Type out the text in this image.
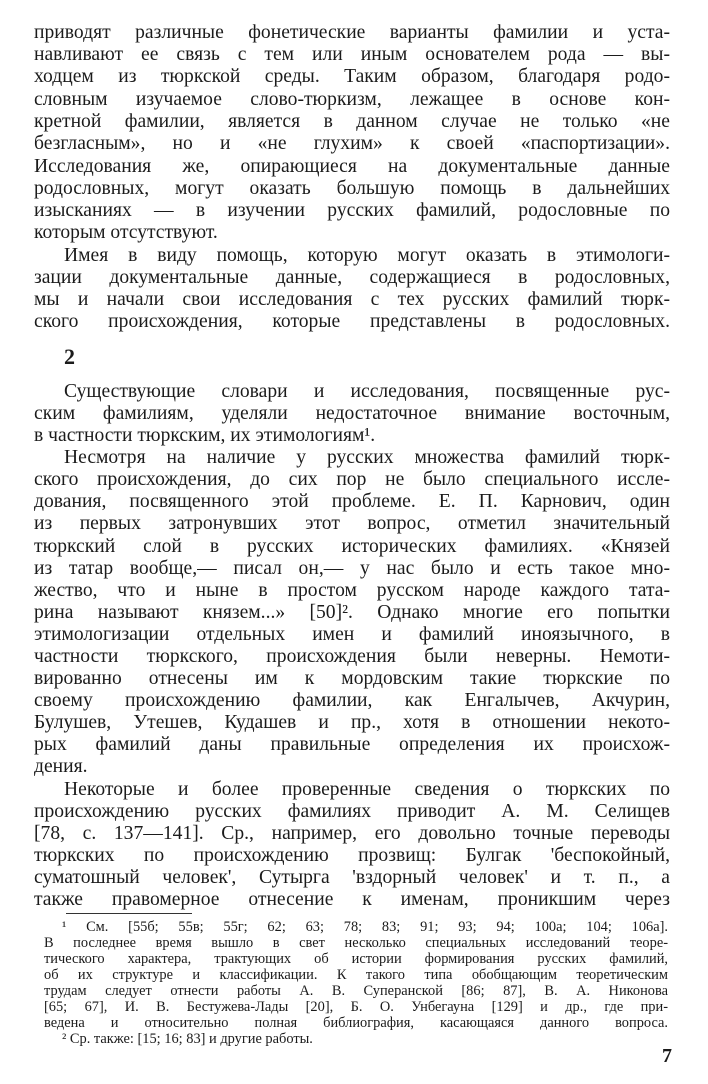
приводят различные фонетические варианты фамилии и уста-
навливают ее связь с тем или иным основателем рода — вы-
ходцем из тюркской среды. Таким образом, благодаря родо-
словным изучаемое слово-тюркизм, лежащее в основе кон-
кретной фамилии, является в данном случае не только «не
безгласным», но и «не глухим» к своей «паспортизации».
Исследования же, опирающиеся на документальные данные
родословных, могут оказать большую помощь в дальнейших
изысканиях — в изучении русских фамилий, родословные по
которым отсутствуют.
Имея в виду помощь, которую могут оказать в этимологи-
зации документальные данные, содержащиеся в родословных,
мы и начали свои исследования с тех русских фамилий тюрк-
ского происхождения, которые представлены в родословных.
2
Существующие словари и исследования, посвященные рус-
ским фамилиям, уделяли недостаточное внимание восточным,
в частности тюркским, их этимологиям¹.
Несмотря на наличие у русских множества фамилий тюрк-
ского происхождения, до сих пор не было специального иссле-
дования, посвященного этой проблеме. Е. П. Карнович, один
из первых затронувших этот вопрос, отметил значительный
тюркский слой в русских исторических фамилиях. «Князей
из татар вообще,— писал он,— у нас было и есть такое мно-
жество, что и ныне в простом русском народе каждого тата-
рина называют князем...» [50]². Однако многие его попытки
этимологизации отдельных имен и фамилий иноязычного, в
частности тюркского, происхождения были неверны. Немоти-
вированно отнесены им к мордовским такие тюркские по
своему происхождению фамилии, как Енгалычев, Акчурин,
Булушев, Утешев, Кудашев и пр., хотя в отношении некото-
рых фамилий даны правильные определения их происхож-
дения.
Некоторые и более проверенные сведения о тюркских по
происхождению русских фамилиях приводит А. М. Селищев
[78, с. 137—141]. Ср., например, его довольно точные переводы
тюркских по происхождению прозвищ: Булгак 'беспокойный,
суматошный человек', Сутырга 'вздорный человек' и т. п., а
также правомерное отнесение к именам, проникшим через
¹ См. [55б; 55в; 55г; 62; 63; 78; 83; 91; 93; 94; 100а; 104; 106а].
В последнее время вышло в свет несколько специальных исследований теоре-
тического характера, трактующих об истории формирования русских фамилий,
об их структуре и классификации. К такого типа обобщающим теоретическим
трудам следует отнести работы А. В. Суперанской [86; 87], В. А. Никонова
[65; 67], И. В. Бестужева-Лады [20], Б. О. Унбегауна [129] и др., где при-
ведена и относительно полная библиография, касающаяся данного вопроса.
² Ср. также: [15; 16; 83] и другие работы.
7
